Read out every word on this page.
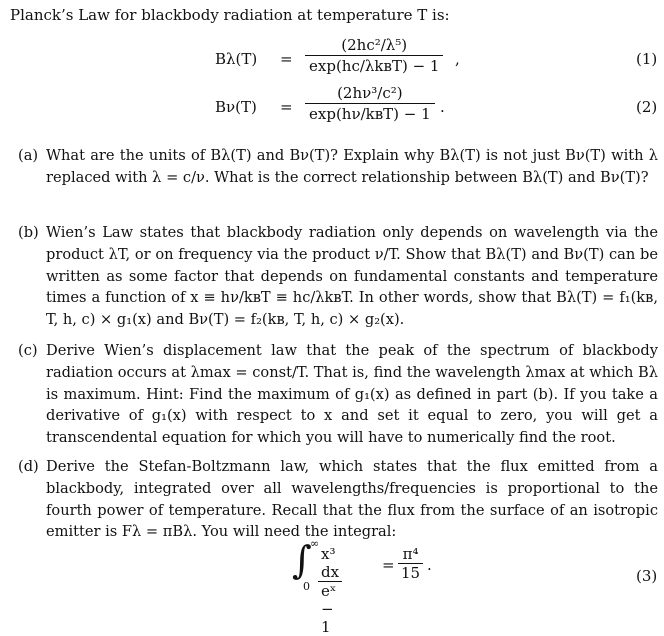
Planck’s Law for blackbody radiation at temperature T is:
Bλ(T) =
(2hc²/λ⁵)
exp(hc/λkʙT) − 1 ,	(1)
Bν(T) =
(2hν³/c²)
exp(hν/kʙT) − 1 .	(2)
(a) What are the units of Bλ(T) and Bν(T)? Explain why Bλ(T) is not just Bν(T) with λ replaced with λ = c/ν. What is the correct relationship between Bλ(T) and Bν(T)?
(b) Wien’s Law states that blackbody radiation only depends on wavelength via the product λT, or on frequency via the product ν/T. Show that Bλ(T) and Bν(T) can be written as some factor that depends on fundamental constants and temperature times a function of x ≡ hν/kʙT ≡ hc/λkʙT. In other words, show that Bλ(T) = f₁(kʙ, T, h, c) × g₁(x) and Bν(T) = f₂(kʙ, T, h, c) × g₂(x).
(c) Derive Wien’s displacement law that the peak of the spectrum of blackbody radiation occurs at λmax = const/T. That is, find the wavelength λmax at which Bλ is maximum. Hint: Find the maximum of g₁(x) as defined in part (b). If you take a derivative of g₁(x) with respect to x and set it equal to zero, you will get a transcendental equation for which you will have to numerically find the root.
(d) Derive the Stefan-Boltzmann law, which states that the flux emitted from a blackbody, integrated over all wavelengths/frequencies is proportional to the fourth power of temperature. Recall that the flux from the surface of an isotropic emitter is Fλ = πBλ. You will need the integral:
∫
∞
$0 \frac{\text{x³ dx}}{\text{eˣ − 1}}$	= $\frac{\text{π⁴}}{15}$ .
(3)
